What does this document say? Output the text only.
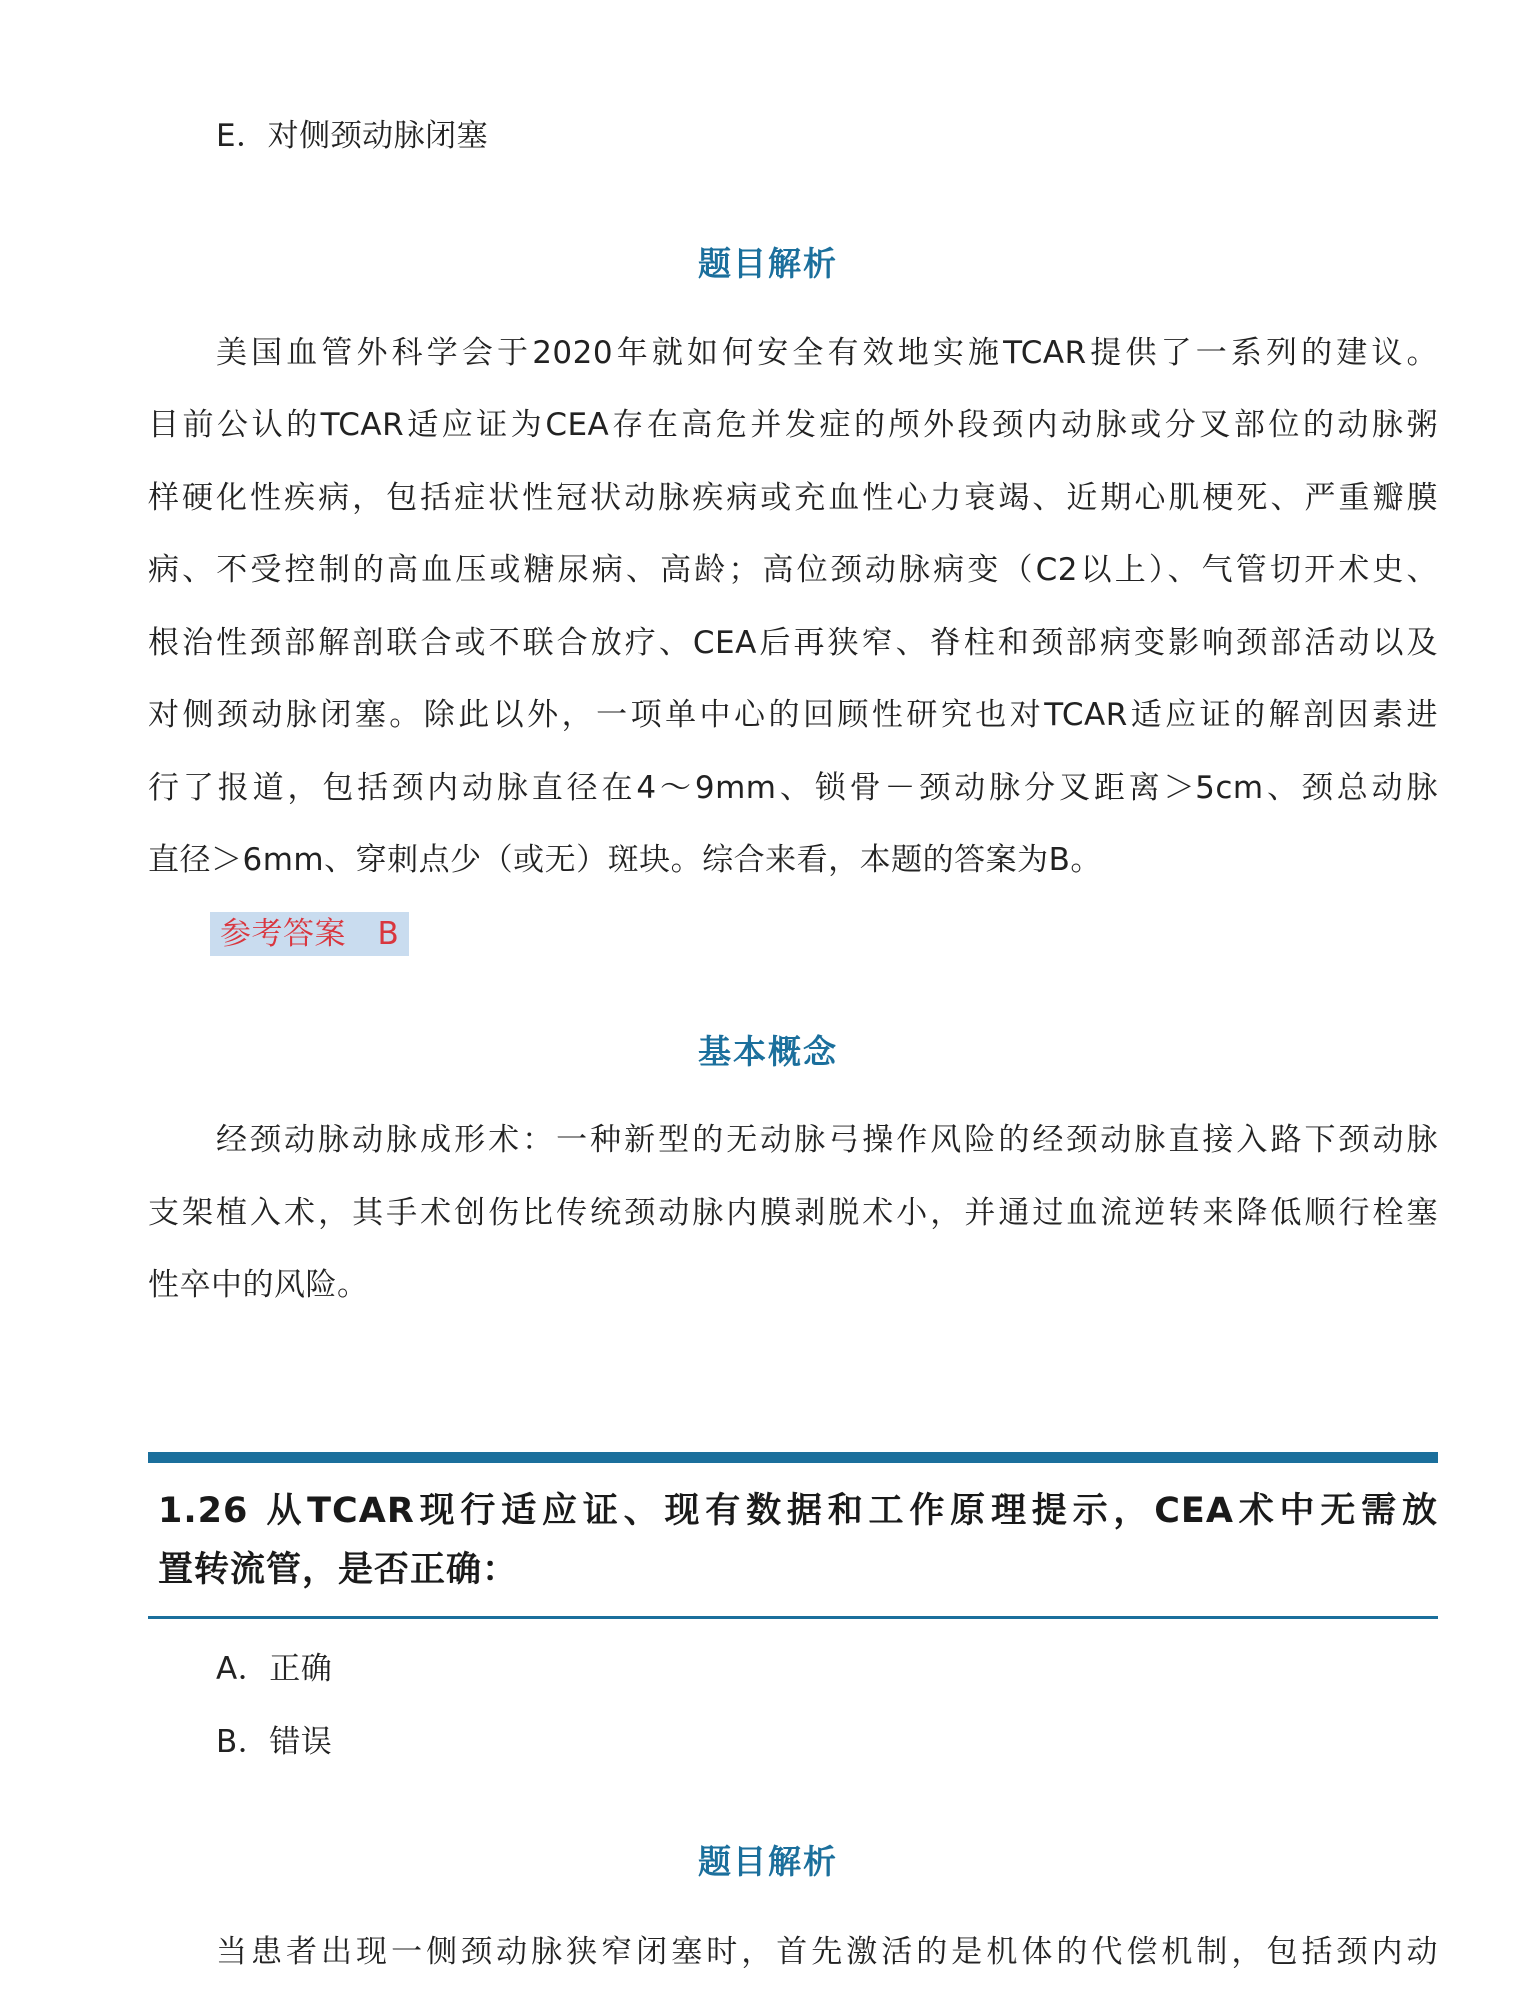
E．对侧颈动脉闭塞
题目解析
美国血管外科学会于2020年就如何安全有效地实施TCAR提供了一系列的建议。
目前公认的TCAR适应证为CEA存在高危并发症的颅外段颈内动脉或分叉部位的动脉粥
样硬化性疾病，包括症状性冠状动脉疾病或充血性心力衰竭、近期心肌梗死、严重瓣膜
病、不受控制的高血压或糖尿病、高龄；高位颈动脉病变（C2以上）、气管切开术史、
根治性颈部解剖联合或不联合放疗、CEA后再狭窄、脊柱和颈部病变影响颈部活动以及
对侧颈动脉闭塞。除此以外，一项单中心的回顾性研究也对TCAR适应证的解剖因素进
行了报道，包括颈内动脉直径在4～9mm、锁骨－颈动脉分叉距离＞5cm、颈总动脉
直径＞6mm、穿刺点少（或无）斑块。综合来看，本题的答案为B。
参考答案　B
基本概念
经颈动脉动脉成形术：一种新型的无动脉弓操作风险的经颈动脉直接入路下颈动脉
支架植入术，其手术创伤比传统颈动脉内膜剥脱术小，并通过血流逆转来降低顺行栓塞
性卒中的风险。
1.26 从TCAR现行适应证、现有数据和工作原理提示，CEA术中无需放
置转流管，是否正确：
A．正确
B．错误
题目解析
当患者出现一侧颈动脉狭窄闭塞时，首先激活的是机体的代偿机制，包括颈内动
